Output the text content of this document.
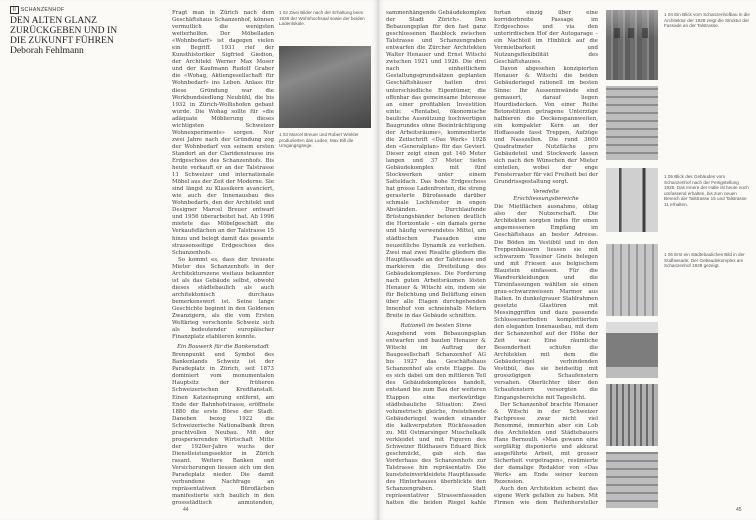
II SCHANZENHOF
DEN ALTEN GLANZ
ZURÜCKGEBEN UND IN
DIE ZUKUNFT FÜHREN
Deborah Fehlmann

Fragt man in Zürich nach dem Geschäftshaus Schanzenhof, können vermutlich die wenigsten weiterhelfen. Der Möbelladen «Wohnbedarf» ist dagegen vielen ein Begriff. 1931 rief der Kunsthistoriker Sigfried Giedion, der Architekt Werner Max Moser und der Kaufmann Rudolf Graber die «Wohag, Aktiengesellschaft für Wohnbedarf» ins Leben. Anlass für diese Gründung war die Werkbundsiedlung Neubühl, die bis 1932 in Zürich-Wollishofen gebaut wurde. Die Wohag sollte für «die adäquate Möblierung dieses wichtigsten Schweizer Wohnexperiments» sorgen. Nur zwei Jahre nach der Gründung zog der Wohnbedarf von seinem ersten Standort an der Claridenstrasse ins Erdgeschoss des Schanzenhofs. Bis heute verkauft er an der Talstrasse 11 Schweizer und internationale Möbel aus der Zeit der Moderne. Sie sind längst zu Klassikern avanciert, wie auch der Innenausbau des Wohnbedarfs, den der Architekt und Designer Marcel Breuer entwarf und 1956 überarbeitet hat. Ab 1996 mietete das Möbelgeschäft die Verkaufsflächen an der Talstrasse 15 hinzu und belegt damit das gesamte strassenseitige Erdgeschoss des Schanzenhofs.

So kommt es, dass der treueste Mieter des Schanzenhofs in der Architekturszene weitaus bekannter ist als das Gebäude selbst, obwohl dieses städtebaulich als auch architektonisch durchaus bemerkenswert ist. Seine lange Geschichte beginnt in den Goldenen Zwanzigern, als die vom Ersten Weltkrieg verschonte Schweiz sich als bedeutender europäischer Finanzplatz etablieren konnte.

Ein Bauwerk für die Bankenstadt

Brennpunkt und Symbol des Bankenlands Schweiz ist der Paradeplatz in Zürich, seit 1873 dominiert vom monumentalen Hauptsitz der früheren Schweizerischen Kreditanstalt. Einen Katzensprung entfernt, am Ende der Bahnhofstrasse, eröffnete 1880 die erste Börse der Stadt. Daneben bezog 1922 die Schweizerische Nationalbank ihren prachtvollen Neubau. Mit der prosperierenden Wirtschaft Mitte der 1920er-Jahre wuchs der Dienstleistungssektor in Zürich rasant. Weitere Banken und Versicherungen liessen sich um den Paradeplatz nieder. Die damit verbundene Nachfrage an repräsentativen Büroflächen manifestierte sich baulich in den grossstädtisch anmutenden,

1 02 Zwei Bilder nach der Erhaltung beim 1928 der Wohnhochsaal sowie der beiden Ladenlokale.
1 03 Marcel Breuer und Robert Winkler produzierten das Laden, Max Bill die Umgangsgänge.
44

sammenhängende Gebäudekomplex der Stadt Zürich». Den Bebauungsplan für den fast ganz geschlossenen Baublock zwischen Talstrasse und Schanzengraben entwarfen die Zürcher Architekten Walter Henauer und Ernst Witschi zwischen 1921 und 1926. Die drei nach einheitlichem Gestaltungsgrundsätzen geplanten Geschäftshäuser hatten drei unterschiedliche Eigentümer, die offenbar das gemeinsame Interesse an einer profitablen Investition einte: «Rentabel, ökonomische bauliche Ausnützung hochwertigen Baugrundes ohne Beeinträchtigung der Arbeitsräume», kommentierte die Zeitschrift «Das Werk» 1928 den «Generalplan» für das Gevierl. Dieser zeigt einen gut 140 Meter langen und 37 Meter tiefen Gebäudekomplex mit fünf Stockwerken unter einem Satteldach. Das hohe Erdgeschoss hat grosse Ladenfronten, die streng gerasterte Bürofassade darüber schmale Lochfenster in engen Abständen. Durchlaufende Brüstungsbänder betonen deutlich die Horizontale – ein damals gerne und häufig verwendetes Mittel, um städtischen Fassaden eine neuzeitliche Dynamik zu verleihen. Zwei mal zwei Risalite gliedern die Hauptfassade an der Talstrasse und markieren die Dreiteilung des Gebäudekomplexes. Die Forderung nach guten Arbeitsräumen lösten Henauer & Witschi ein, indem sie für Belichtung und Belüftung einen über alle Etagen durchgehenden Innenhof von schneinhalb Metern Breite in das Gebäude schnitten.

Rationell im besten Sinne

Ausgehend vom Bebauungsplan entwarfen und bauten Henauer & Witschi im Auftrag der Baugesellschaft Schanzenhof AG bis 1927 das Geschäftshaus Schanzenhof als erste Etappe. Da es sich dabei um den mittleren Teil des Gebäudekomplexes handelt, entstand bis zum Bau der weiteren Etappen eine merkwürdige städtebauliche Situation: Zwei volumetrisch gleiche, freistehende Gebäuderiegel wanden einander die kalkverputzten Rückfassaden zu. Mit Ostmarsinger Muschelkalk verkleidet und mit Figuren des Schweizer Bildhauers Eduard Bick geschmückt, gab sich das Vorderhaus des Schanzenhofs zur Talstrasse hin repräsentativ. Die kunststeinverkleidete Hauptfassade des Hinterhauses überblickte den Schanzengraben. Statt repräsentativer Strassenfassaden hatten die beiden Riegel kahle

fortan einzig über eine korridorbreite Passage im Erdgeschoss und via den unterirdischen Hof der Autogarage – ein Nachteil im Hinblick auf die Vermietbarkeit und Nutzungsflexibilität des Geschäftshauses.

Davon abgesehen konzipierten Henauer & Witschi die beiden Gebäuderiegel rationell im besten Sinne: Ihr Ausseninwände sind gemauert, darauf liegen Hourdisdecken. Von einer Reihe Betonstützen getragene Unterzüge halbieren die Deckenspannweiten, ein kompakter Kern an der Hoffassade fasst Treppen, Aufzüge und Nasszellen. Die rund 3600 Quadratmeter Nutzfläche pro Gebäudeteil und Stockwerk lassen sich nach den Wünschen der Mieter einteilen, wobei der enge Fensterraster für viel Freiheit bei der Grundrissgestaltung sorgt.

Veredelte
Erschliessungsbereiche

Die Mietflächen ausnahme, oblag also der Nutzerschaft. Die Architekten sorgten indes für einen angemessenen Empfang im Geschäftshaus an bester Adresse. Die Böden im Vestibül und in den Treppenhäusern liessen sie mit schwarzem Tessiner Gneis belegen und mit Friesen aus belgischem Blaustein einfassen. Für die Wandverkleidungen und die Türeinfassungen wählten sie einen grau-schwarzweissen Marmor aus Italien. In dunkelgrauer Stahlrahmen gesetzte Glastüren mit Messinggriffen und dazu passende Schlosseraerbeiten komplettierten den eleganten Innenausbau, mit dem der Schanzenhof auf der Höhe der Zeit war. Eine räumliche Besonderheit schufen die Architekten mit dem die Gebäuderiegel verbindenden Vestibül, das sie beidseitig mit grosszügigen Schaufenstern versahen. Oberlichter über den Schaufenstern versorgten die Eingangsbereiche mit Tageslicht.

Der Schanzenhof brachte Henauer & Witschi in der Schweizer Fachpresse zwar nicht viel Renommé, immerhin aber ein Lob des Architekten und Städtebauers Hans Bernoulli. «Man gewann eine sorgfältig disponierte und akkurat ausgeführte Arbeit, mit grosser Sicherheit vorgetragen», resümierte der damalige Redaktor von «Das Werk» am Ende seiner kurzen Rezension.

Auch den Architekten scheint das eigene Werk gefallen zu haben. Mit Firmen wie dem Reifenhersteller

1 04 Ein Blick vom Schanzenhofbau in die Architektur der 1928 zeigt die Struktur der Fassade an der Talstrasse.
1 05 Blick des Gebäudes vom Schanzenhof nach der Fertigstellung 1928. Das Innere der Halle ist heute noch umfassend erhalten, bis zum neuen Bereich der Talstrasse 15 und Talstrasse 11 erhalten.
1 06 Erst ein städtebauliches Bild in der Südfassade, Der Gebäudekomplex am Schanzenhof 1928 gezeigt.
45
